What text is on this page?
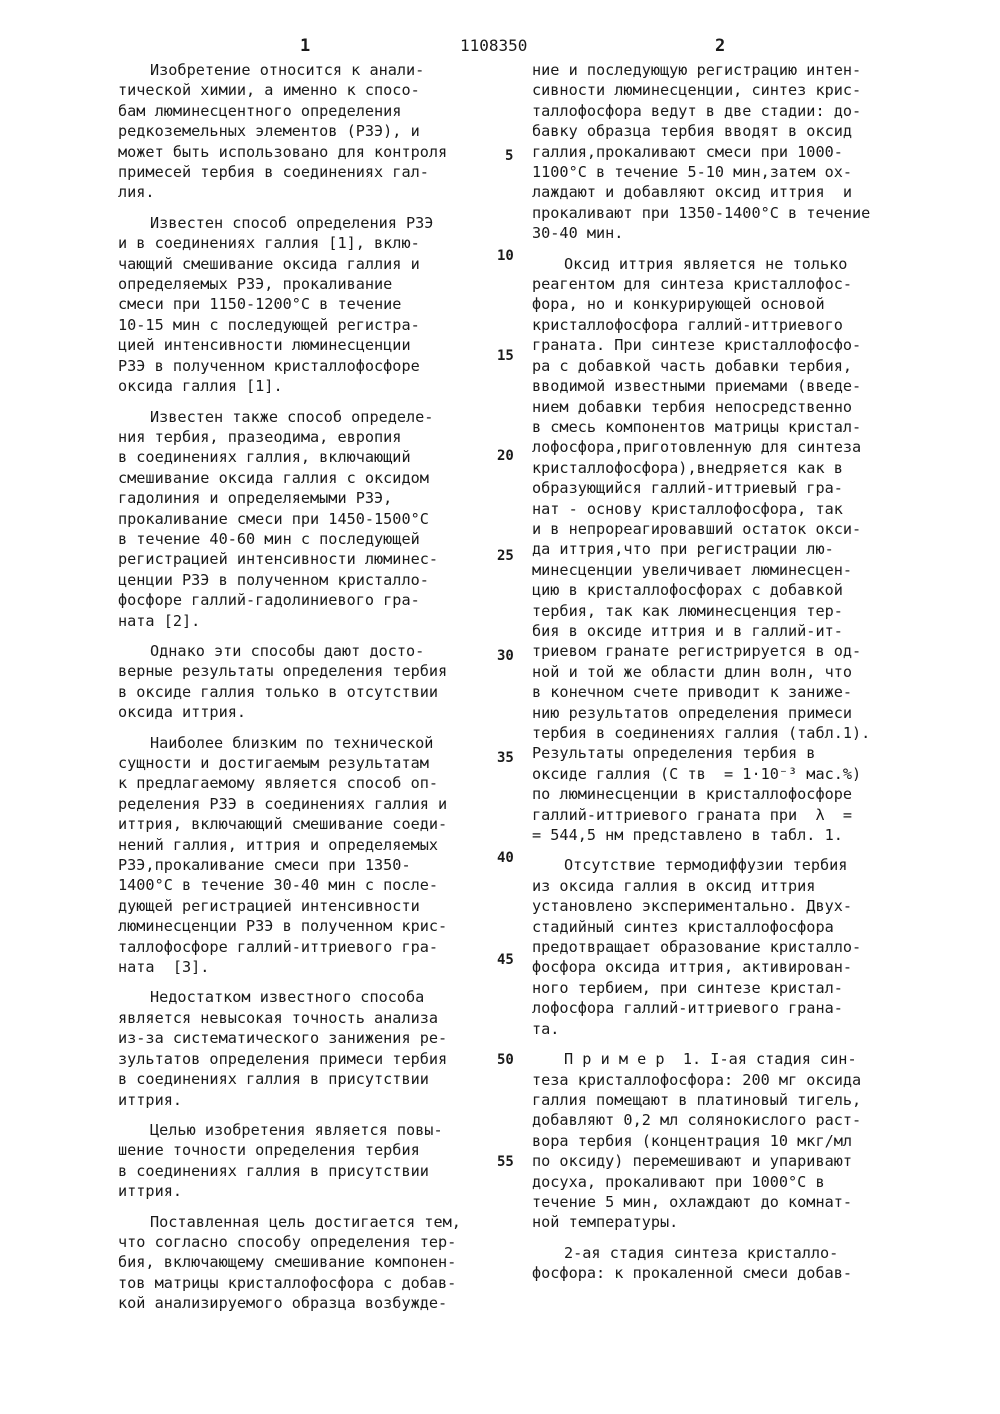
1	1108350	2

Изобретение относится к анали-

тической химии, а именно к спосо-

бам люминесцентного определения

редкоземельных элементов (РЗЭ), и

может быть использовано для контроля

примесей тербия в соединениях гал-

лия.

Известен способ определения РЗЭ

и в соединениях галлия [1], вклю-

чающий смешивание оксида галлия и

определяемых РЗЭ, прокаливание

смеси при 1150-1200°С в течение

10-15 мин с последующей регистра-

цией интенсивности люминесценции

РЗЭ в полученном кристаллофосфоре

оксида галлия [1].

Известен также способ определе-

ния тербия, празеодима, европия

в соединениях галлия, включающий

смешивание оксида галлия с оксидом

гадолиния и определяемыми РЗЭ,

прокаливание смеси при 1450-1500°С

в течение 40-60 мин с последующей

регистрацией интенсивности люминес-

ценции РЗЭ в полученном кристалло-

фосфоре галлий-гадолиниевого гра-

ната [2].

Однако эти способы дают досто-

верные результаты определения тербия

в оксиде галлия только в отсутствии

оксида иттрия.

Наиболее близким по технической

сущности и достигаемым результатам

к предлагаемому является способ оп-

ределения РЗЭ в соединениях галлия и

иттрия, включающий смешивание соеди-

нений галлия, иттрия и определяемых

РЗЭ,прокаливание смеси при 1350-

1400°С в течение 30-40 мин с после-

дующей регистрацией интенсивности

люминесценции РЗЭ в полученном крис-

таллофосфоре галлий-иттриевого гра-

ната  [3].

Недостатком известного способа

является невысокая точность анализа

из-за систематического занижения ре-

зультатов определения примеси тербия

в соединениях галлия в присутствии

иттрия.

Целью изобретения является повы-

шение точности определения тербия

в соединениях галлия в присутствии

иттрия.

Поставленная цель достигается тем,

что согласно способу определения тер-

бия, включающему смешивание компонен-

тов матрицы кристаллофосфора с добав-

кой анализируемого образца возбужде-

ние и последующую регистрацию интен-

сивности люминесценции, синтез крис-

таллофосфора ведут в две стадии: до-

бавку образца тербия вводят в оксид

галлия,прокаливают смеси при 1000-

1100°С в течение 5-10 мин,затем ох-

лаждают и добавляют оксид иттрия  и

прокаливают при 1350-1400°С в течение

30-40 мин.

Оксид иттрия является не только

реагентом для синтеза кристаллофос-

фора, но и конкурирующей основой

кристаллофосфора галлий-иттриевого

граната. При синтезе кристаллофосфо-

ра с добавкой часть добавки тербия,

вводимой известными приемами (введе-

нием добавки тербия непосредственно

в смесь компонентов матрицы кристал-

лофосфора,приготовленную для синтеза

кристаллофосфора),внедряется как в

образующийся галлий-иттриевый гра-

нат - основу кристаллофосфора, так

и в непрореагировавший остаток окси-

да иттрия,что при регистрации лю-

минесценции увеличивает люминесцен-

цию в кристаллофосфорах с добавкой

тербия, так как люминесценция тер-

бия в оксиде иттрия и в галлий-ит-

триевом гранате регистрируется в од-

ной и той же области длин волн, что

в конечном счете приводит к занижe-

нию результатов определения примеси

тербия в соединениях галлия (табл.1).

Результаты определения тербия в

оксиде галлия (C тв  = 1·10⁻³ мас.%)

по люминесценции в кристаллофосфоре

галлий-иттриевого граната при  λ  =

= 544,5 нм представлено в табл. 1.

Отсутствие термодиффузии тербия

из оксида галлия в оксид иттрия

установлено экспериментально. Двух-

стадийный синтез кристаллофосфора

предотвращает образование кристалло-

фосфора оксида иттрия, активирован-

ного тербием, при синтезе кристал-

лофосфора галлий-иттриевого грана-

та.

П р и м е р  1. I-ая стадия син-

теза кристаллофосфора: 200 мг оксида

галлия помещают в платиновый тигель,

добавляют 0,2 мл солянокислого раст-

вора тербия (концентрация 10 мкг/мл

по оксиду) перемешивают и упаривают

досуха, прокаливают при 1000°С в

течение 5 мин, охлаждают до комнат-

ной температуры.

2-ая стадия синтеза кристалло-

фосфора: к прокаленной смеси добав-

5
10
15
20
25
30
35
40
45
50
55
